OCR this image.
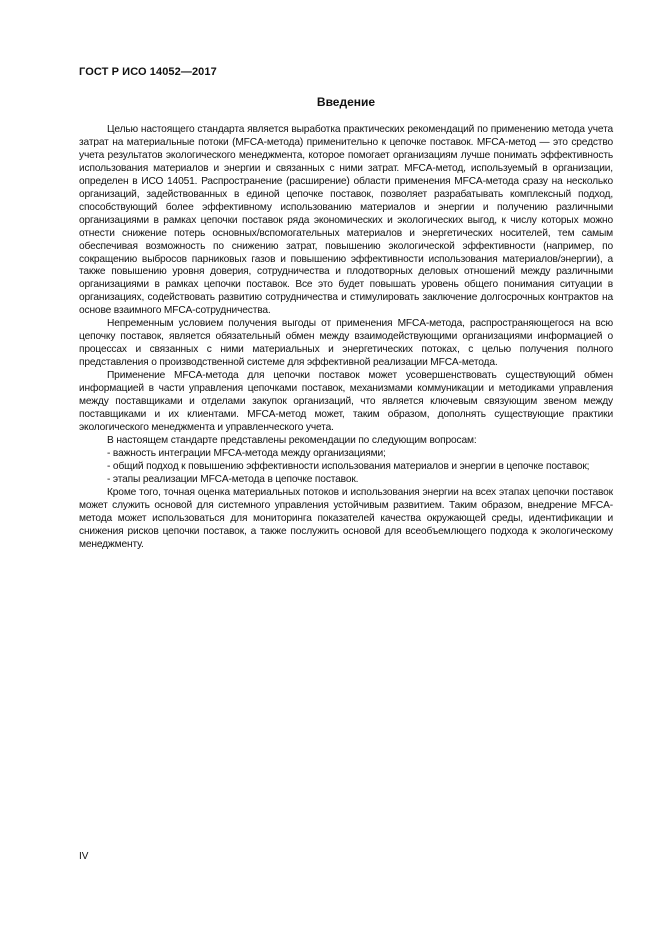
ГОСТ Р ИСО 14052—2017
Введение

Целью настоящего стандарта является выработка практических рекомендаций по применению метода учета затрат на материальные потоки (MFCA-метода) применительно к цепочке поставок. MFCA-метод — это средство учета результатов экологического менеджмента, которое помогает организациям лучше понимать эффективность использования материалов и энергии и связанных с ними затрат. MFCA-метод, используемый в организации, определен в ИСО 14051. Распространение (расширение) области применения MFCA-метода сразу на несколько организаций, задействованных в единой цепочке поставок, позволяет разрабатывать комплексный подход, способствующий более эффективному использованию материалов и энергии и получению различными организациями в рамках цепочки поставок ряда экономических и экологических выгод, к числу которых можно отнести снижение потерь основных/вспомогательных материалов и энергетических носителей, тем самым обеспечивая возможность по снижению затрат, повышению экологической эффективности (например, по сокращению выбросов парниковых газов и повышению эффективности использования материалов/энергии), а также повышению уровня доверия, сотрудничества и плодотворных деловых отношений между различными организациями в рамках цепочки поставок. Все это будет повышать уровень общего понимания ситуации в организациях, содействовать развитию сотрудничества и стимулировать заключение долгосрочных контрактов на основе взаимного MFCA-сотрудничества.

Непременным условием получения выгоды от применения MFCA-метода, распространяющегося на всю цепочку поставок, является обязательный обмен между взаимодействующими организациями информацией о процессах и связанных с ними материальных и энергетических потоках, с целью получения полного представления о производственной системе для эффективной реализации MFCA-метода.

Применение MFCA-метода для цепочки поставок может усовершенствовать существующий обмен информацией в части управления цепочками поставок, механизмами коммуникации и методиками управления между поставщиками и отделами закупок организаций, что является ключевым связующим звеном между поставщиками и их клиентами. MFCA-метод может, таким образом, дополнять существующие практики экологического менеджмента и управленческого учета.

В настоящем стандарте представлены рекомендации по следующим вопросам:

- важность интеграции MFCA-метода между организациями;
- общий подход к повышению эффективности использования материалов и энергии в цепочке поставок;
- этапы реализации MFCA-метода в цепочке поставок.

Кроме того, точная оценка материальных потоков и использования энергии на всех этапах цепочки поставок может служить основой для системного управления устойчивым развитием. Таким образом, внедрение MFCA-метода может использоваться для мониторинга показателей качества окружающей среды, идентификации и снижения рисков цепочки поставок, а также послужить основой для всеобъемлющего подхода к экологическому менеджменту.

IV
